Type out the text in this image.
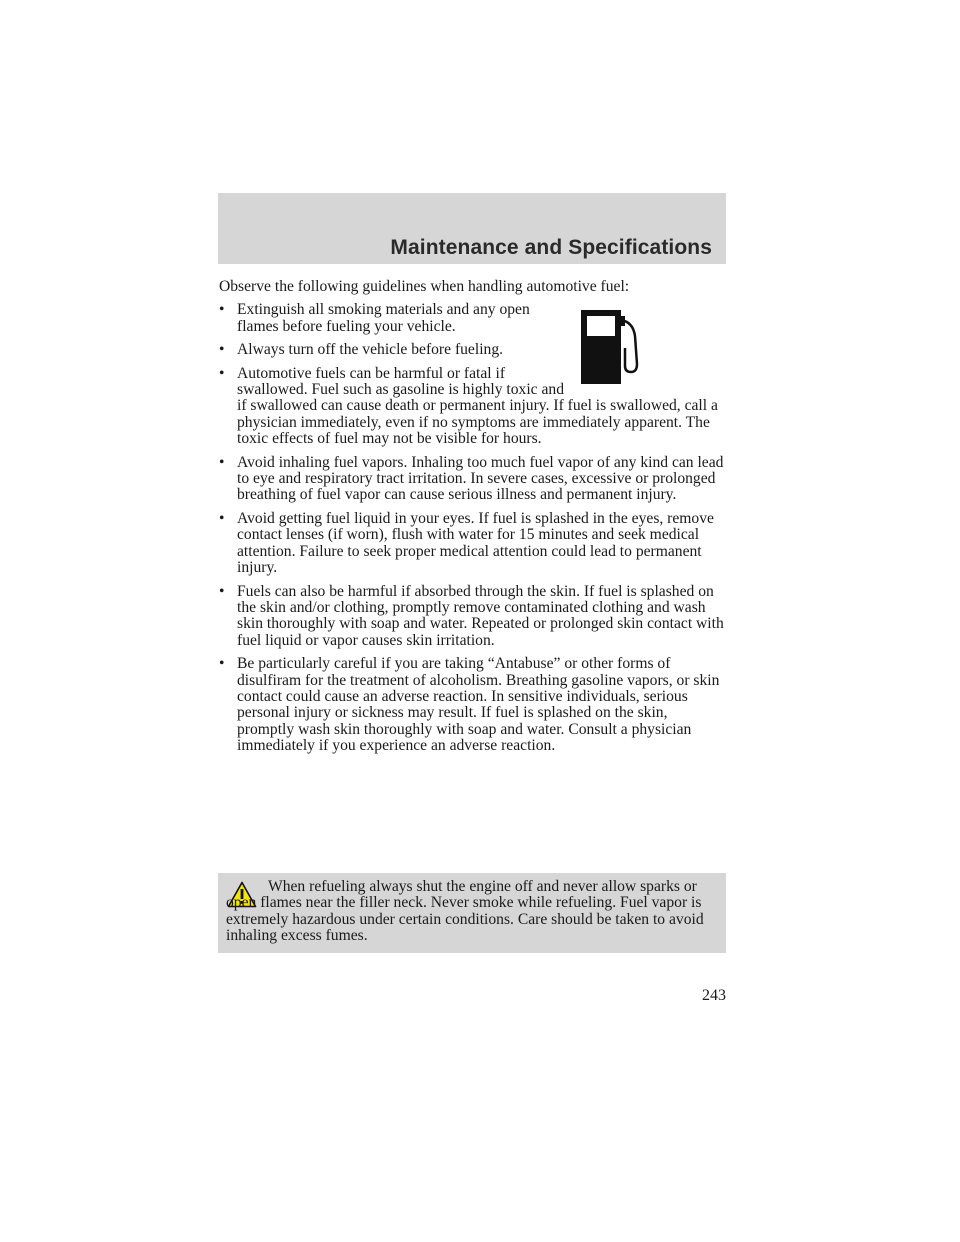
Maintenance and Specifications

Observe the following guidelines when handling automotive fuel:

• Extinguish all smoking materials and any open flames before fueling your vehicle.
• Always turn off the vehicle before fueling.
• Automotive fuels can be harmful or fatal if swallowed. Fuel such as gasoline is highly toxic and if swallowed can cause death or permanent injury. If fuel is swallowed, call a physician immediately, even if no symptoms are immediately apparent. The toxic effects of fuel may not be visible for hours.
• Avoid inhaling fuel vapors. Inhaling too much fuel vapor of any kind can lead to eye and respiratory tract irritation. In severe cases, excessive or prolonged breathing of fuel vapor can cause serious illness and permanent injury.
• Avoid getting fuel liquid in your eyes. If fuel is splashed in the eyes, remove contact lenses (if worn), flush with water for 15 minutes and seek medical attention. Failure to seek proper medical attention could lead to permanent injury.
• Fuels can also be harmful if absorbed through the skin. If fuel is splashed on the skin and/or clothing, promptly remove contaminated clothing and wash skin thoroughly with soap and water. Repeated or prolonged skin contact with fuel liquid or vapor causes skin irritation.
• Be particularly careful if you are taking “Antabuse” or other forms of disulfiram for the treatment of alcoholism. Breathing gasoline vapors, or skin contact could cause an adverse reaction. In sensitive individuals, serious personal injury or sickness may result. If fuel is splashed on the skin, promptly wash skin thoroughly with soap and water. Consult a physician immediately if you experience an adverse reaction.

When refueling always shut the engine off and never allow sparks or open flames near the filler neck. Never smoke while refueling. Fuel vapor is extremely hazardous under certain conditions. Care should be taken to avoid inhaling excess fumes.

243
